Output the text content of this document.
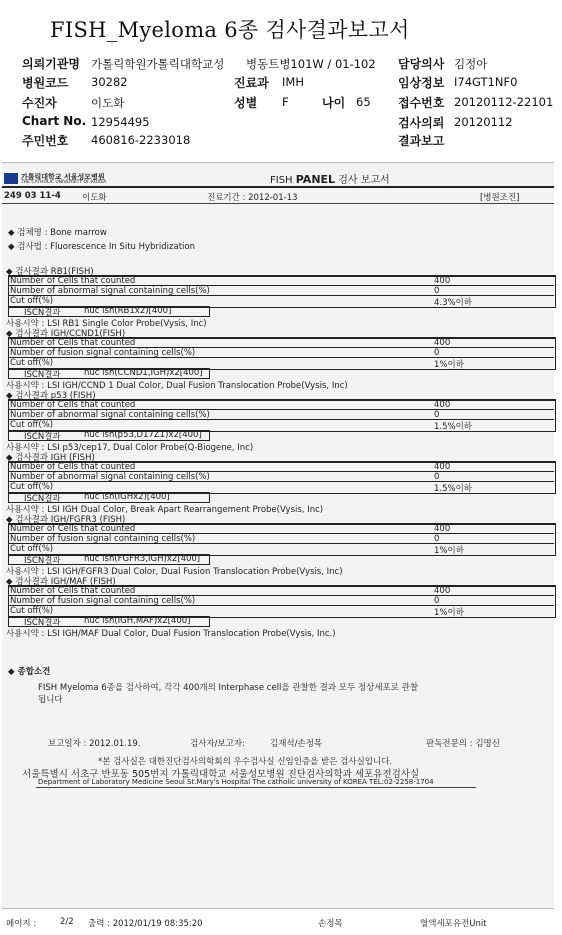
FISH_Myeloma 6종 검사결과보고서
의뢰기관명 가톨릭학원가톨릭대학교성 병동트병101W / 01-102
병원코드 30282	진료과 IMH
수진자	이도화	성별 F	나이 65
Chart No. 12954495
주민번호 460816-2233018
담당의사 김정아
임상정보 I74GT1NF0
접수번호 20120112-22101
검사의뢰 20120112
결과보고
가톨릭대학교 서울성모병원
THE CATHOLIC UNIVERSITY OF KOREA	FISH PANEL 검사 보고서
249 03 11-4 이도화	진료기간 : 2012-01-13	[병원조진]
◆ 검체명 : Bone marrow
◆ 검사법 : Fluorescence In Situ Hybridization
◆ 검사결과 RB1(FISH)
Number of Cells that counted	400
Number of abnormal signal containing cells(%)	0
Cut off(%)	4.3%이하
ISCN결과	nuc ish(RB1x2)[400]
사용시약 : LSI RB1 Single Color Probe(Vysis, Inc)
◆ 검사결과 IGH/CCND1(FISH)
Number of Cells that counted	400
Number of fusion signal containing cells(%)	0
Cut off(%)	1%이하
ISCN결과	nuc ish(CCND1,IGH)x2[400]
사용시약 : LSI IGH/CCND 1 Dual Color, Dual Fusion Translocation Probe(Vysis, Inc)
◆ 검사결과 p53 (FISH)
Number of Cells that counted	400
Number of abnormal signal containing cells(%)	0
Cut off(%)	1.5%이하
ISCN결과	nuc ish(p53,D17Z1)x2[400]
사용시약 : LSI p53/cep17, Dual Color Probe(Q-Biogene, Inc)
◆ 검사결과 IGH (FISH)
Number of Cells that counted	400
Number of abnormal signal containing cells(%)	0
Cut off(%)	1.5%이하
ISCN결과	nuc ish(IGHx2)[400]
사용시약 : LSI IGH Dual Color, Break Apart Rearrangement Probe(Vysis, Inc)
◆ 검사결과 IGH/FGFR3 (FISH)
Number of Cells that counted	400
Number of fusion signal containing cells(%)	0
Cut off(%)	1%이하
ISCN결과	nuc ish(FGFR3,IGH)x2[400]
사용시약 : LSI IGH/FGFR3 Dual Color, Dual Fusion Translocation Probe(Vysis, Inc)
◆ 검사결과 IGH/MAF (FISH)
Number of Cells that counted	400
Number of fusion signal containing cells(%)	0
Cut off(%)	1%이하
ISCN결과	nuc ish(IGH,MAF)x2[400]
사용시약 : LSI IGH/MAF Dual Color, Dual Fusion Translocation Probe(Vysis, Inc.)
◆ 종합소견
FISH Myeloma 6종을 검사하여, 각각 400개의 Interphase cell을 관찰한 결과 모두 정상세포로 관찰
됩니다
보고일자 : 2012.01.19.	검사자/보고자:	김재석/손정목	판독전문의 : 김명신
*본 검사실은 대한진단검사의학회의 우수검사실 신임인증을 받은 검사실입니다.
서울특별시 서초구 반포동 505번지 가톨릭대학교 서울성모병원 진단검사의학과 세포유전검사실
Department of Laboratory Medicine Seoul St.Mary's Hospital The catholic university of KOREA TEL:02-2258-1704
페이지 :	2/2 출력 : 2012/01/19 08:35:20	손정목	혈액세포유전Unit
